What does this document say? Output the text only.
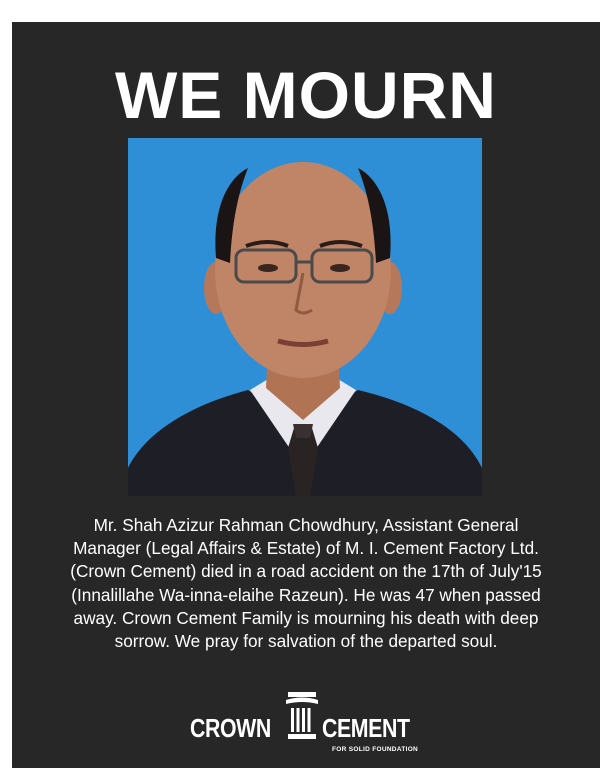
WE MOURN
Mr. Shah Azizur Rahman Chowdhury, Assistant General
Manager (Legal Affairs & Estate) of M. I. Cement Factory Ltd.
(Crown Cement) died in a road accident on the 17th of July'15
(Innalillahe Wa-inna-elaihe Razeun). He was 47 when passed
away. Crown Cement Family is mourning his death with deep
sorrow. We pray for salvation of the departed soul.
CROWN CEMENT
FOR SOLID FOUNDATION
